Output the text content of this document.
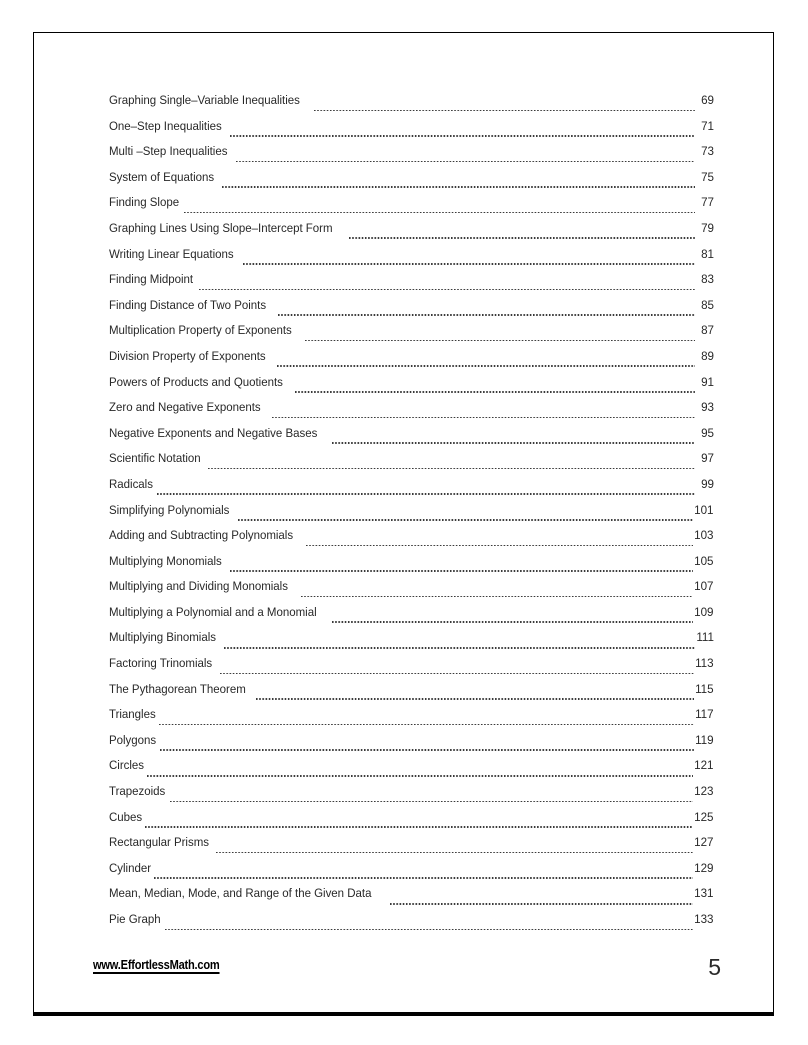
Graphing Single–Variable Inequalities	69
One–Step Inequalities	71
Multi –Step Inequalities	73
System of Equations	75
Finding Slope	77
Graphing Lines Using Slope–Intercept Form	79
Writing Linear Equations	81
Finding Midpoint	83
Finding Distance of Two Points	85
Multiplication Property of Exponents	87
Division Property of Exponents	89
Powers of Products and Quotients	91
Zero and Negative Exponents	93
Negative Exponents and Negative Bases	95
Scientific Notation	97
Radicals	99
Simplifying Polynomials	101
Adding and Subtracting Polynomials	103
Multiplying Monomials	105
Multiplying and Dividing Monomials	107
Multiplying a Polynomial and a Monomial	109
Multiplying Binomials	111
Factoring Trinomials	113
The Pythagorean Theorem	115
Triangles	117
Polygons	119
Circles	121
Trapezoids	123
Cubes	125
Rectangular Prisms	127
Cylinder	129
Mean, Median, Mode, and Range of the Given Data	131
Pie Graph	133
www.EffortlessMath.com	5
